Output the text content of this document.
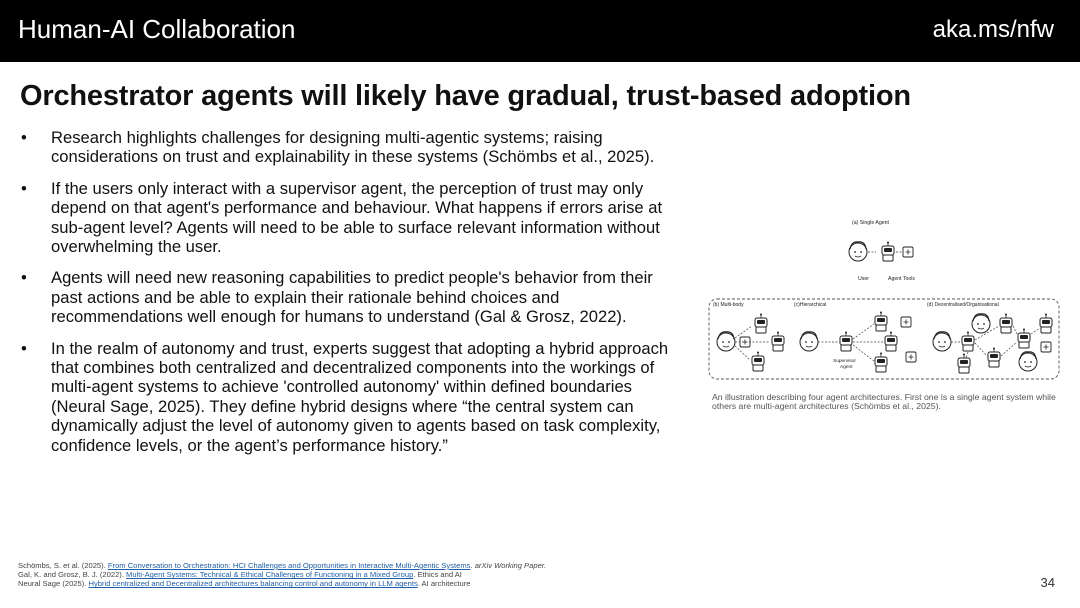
Human-AI Collaboration	aka.ms/nfw
Orchestrator agents will likely have gradual, trust-based adoption
• Research highlights challenges for designing multi-agentic systems; raising considerations on trust and explainability in these systems (Schömbs et al., 2025).
• If the users only interact with a supervisor agent, the perception of trust may only depend on that agent's performance and behaviour. What happens if errors arise at sub-agent level? Agents will need to be able to surface relevant information without overwhelming the user.
• Agents will need new reasoning capabilities to predict people's behavior from their past actions and be able to explain their rationale behind choices and recommendations well enough for humans to understand (Gal & Grosz, 2022).
• In the realm of autonomy and trust, experts suggest that adopting a hybrid approach that combines both centralized and decentralized components into the workings of multi-agent systems to achieve 'controlled autonomy' within defined boundaries (Neural Sage, 2025). They define hybrid designs where “the central system can dynamically adjust the level of autonomy given to agents based on task complexity, confidence levels, or the agent’s performance history.”
(a) Single Agent
User	Agent Tools
(b) Multi-body	(c)Hierarchical	(d) Decentralised/Organisational
Supervisor
Agent

An illustration describing four agent architectures. First one is a single agent system while others are multi-agent architectures (Schömbs et al., 2025).

Schömbs, S. et al. (2025). From Conversation to Orchestration: HCI Challenges and Opportunities in Interactive Multi-Agentic Systems. arXiv Working Paper.
Gal, K. and Grosz, B. J. (2022). Multi-Agent Systems: Technical & Ethical Challenges of Functioning in a Mixed Group. Ethics and AI
Neural Sage (2025). Hybrid centralized and Decentralized architectures balancing control and autonomy in LLM agents. AI architecture	34
